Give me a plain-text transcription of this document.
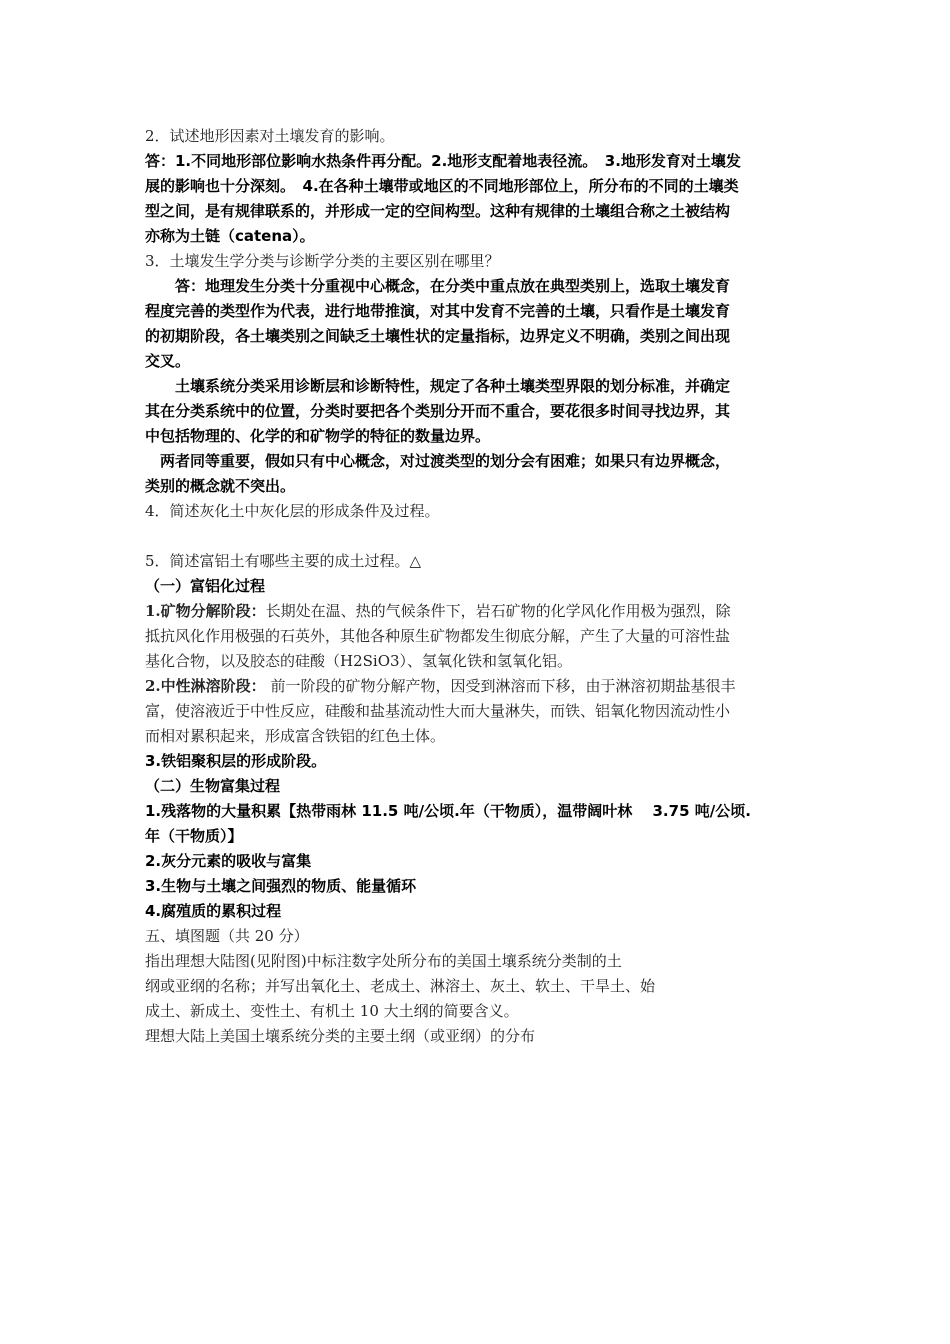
2．试述地形因素对土壤发育的影响。

答：1.不同地形部位影响水热条件再分配。2.地形支配着地表径流。　3.地形发育对土壤发

展的影响也十分深刻。　4.在各种土壤带或地区的不同地形部位上，所分布的不同的土壤类

型之间，是有规律联系的，并形成一定的空间构型。这种有规律的土壤组合称之土被结构

亦称为土链（catena）。

3．土壤发生学分类与诊断学分类的主要区别在哪里？

答：地理发生分类十分重视中心概念，在分类中重点放在典型类别上，选取土壤发育

程度完善的类型作为代表，进行地带推演，对其中发育不完善的土壤，只看作是土壤发育

的初期阶段，各土壤类别之间缺乏土壤性状的定量指标，边界定义不明确，类别之间出现

交叉。

土壤系统分类采用诊断层和诊断特性，规定了各种土壤类型界限的划分标准，并确定

其在分类系统中的位置，分类时要把各个类别分开而不重合，要花很多时间寻找边界，其

中包括物理的、化学的和矿物学的特征的数量边界。

两者同等重要，假如只有中心概念，对过渡类型的划分会有困难；如果只有边界概念，

类别的概念就不突出。

4．简述灰化土中灰化层的形成条件及过程。

5．简述富铝土有哪些主要的成土过程。△

（一）富铝化过程

1.矿物分解阶段：长期处在温、热的气候条件下，岩石矿物的化学风化作用极为强烈，除

抵抗风化作用极强的石英外，其他各种原生矿物都发生彻底分解，产生了大量的可溶性盐

基化合物，以及胶态的硅酸（H2SiO3）、氢氧化铁和氢氧化铝。

2.中性淋溶阶段： 前一阶段的矿物分解产物，因受到淋溶而下移，由于淋溶初期盐基很丰

富，使溶液近于中性反应，硅酸和盐基流动性大而大量淋失，而铁、铝氧化物因流动性小

而相对累积起来，形成富含铁铝的红色土体。

3.铁铝聚积层的形成阶段。

（二）生物富集过程

1.残落物的大量积累【热带雨林 11.5 吨/公顷.年（干物质），温带阔叶林　 3.75 吨/公顷.

年（干物质）】

2.灰分元素的吸收与富集

3.生物与土壤之间强烈的物质、能量循环

4.腐殖质的累积过程

五、填图题（共 20 分）

指出理想大陆图(见附图)中标注数字处所分布的美国土壤系统分类制的土

纲或亚纲的名称；并写出氧化土、老成土、淋溶土、灰土、软土、干旱土、始

成土、新成土、变性土、有机土 10 大土纲的简要含义。

理想大陆上美国土壤系统分类的主要土纲（或亚纲）的分布
